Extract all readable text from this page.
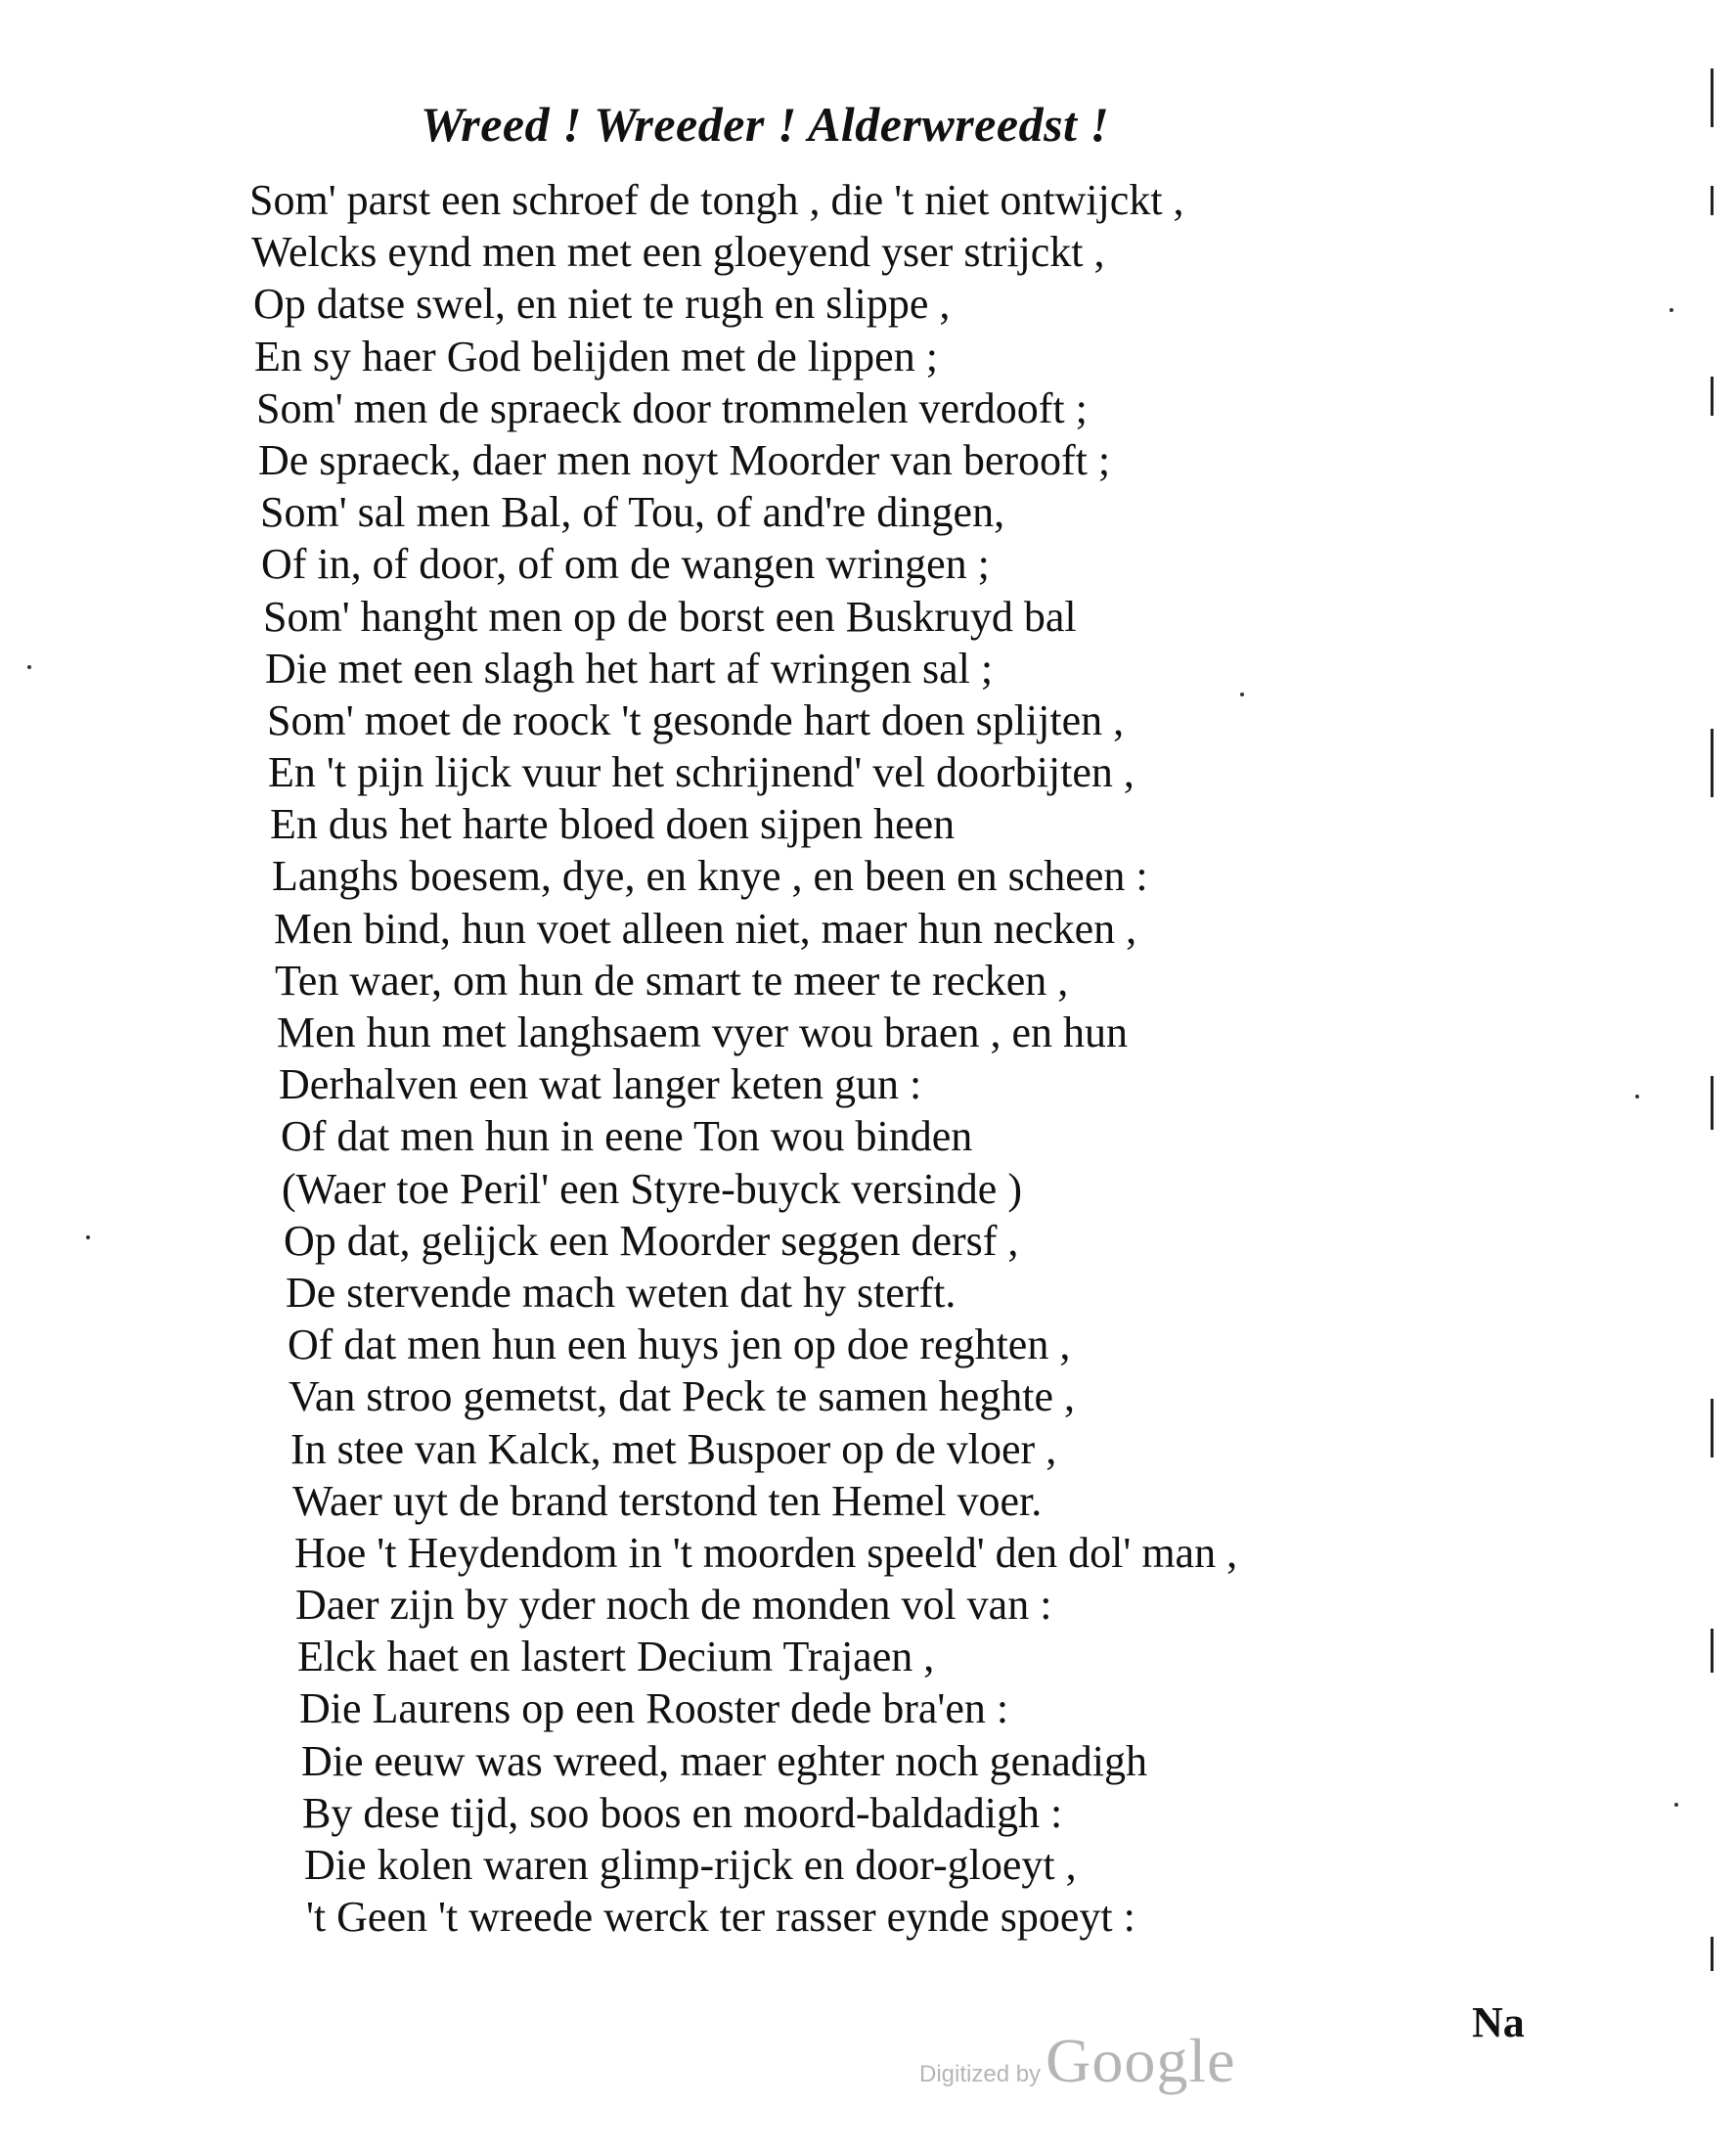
Wreed ! Wreeder ! Alderwreedst !
Som' parst een schroef de tongh , die 't niet ontwijckt ,
Welcks eynd men met een gloeyend yser strijckt ,
Op datse swel, en niet te rugh en slippe ,
En sy haer God belijden met de lippen ;
Som' men de spraeck door trommelen verdooft ;
De spraeck, daer men noyt Moorder van berooft ;
Som' sal men Bal, of Tou, of and're dingen,
Of in, of door, of om de wangen wringen ;
Som' hanght men op de borst een Buskruyd bal
Die met een slagh het hart af wringen sal ;
Som' moet de roock 't gesonde hart doen splijten ,
En 't pijn lijck vuur het schrijnend' vel doorbijten ,
En dus het harte bloed doen sijpen heen
Langhs boesem, dye, en knye , en been en scheen :
Men bind, hun voet alleen niet, maer hun necken ,
Ten waer, om hun de smart te meer te recken ,
Men hun met langhsaem vyer wou braen , en hun
Derhalven een wat langer keten gun :
Of dat men hun in eene Ton wou binden
(Waer toe Peril' een Styre-buyck versinde )
Op dat, gelijck een Moorder seggen dersf ,
De stervende mach weten dat hy sterft.
Of dat men hun een huys jen op doe reghten ,
Van stroo gemetst, dat Peck te samen heghte ,
In stee van Kalck, met Buspoer op de vloer ,
Waer uyt de brand terstond ten Hemel voer.
Hoe 't Heydendom in 't moorden speeld' den dol' man ,
Daer zijn by yder noch de monden vol van :
Elck haet en lastert Decium Trajaen ,
Die Laurens op een Rooster dede bra'en :
Die eeuw was wreed, maer eghter noch genadigh
By dese tijd, soo boos en moord-baldadigh :
Die kolen waren glimp-rijck en door-gloeyt ,
't Geen 't wreede werck ter rasser eynde spoeyt :
Na
Digitized by Google
